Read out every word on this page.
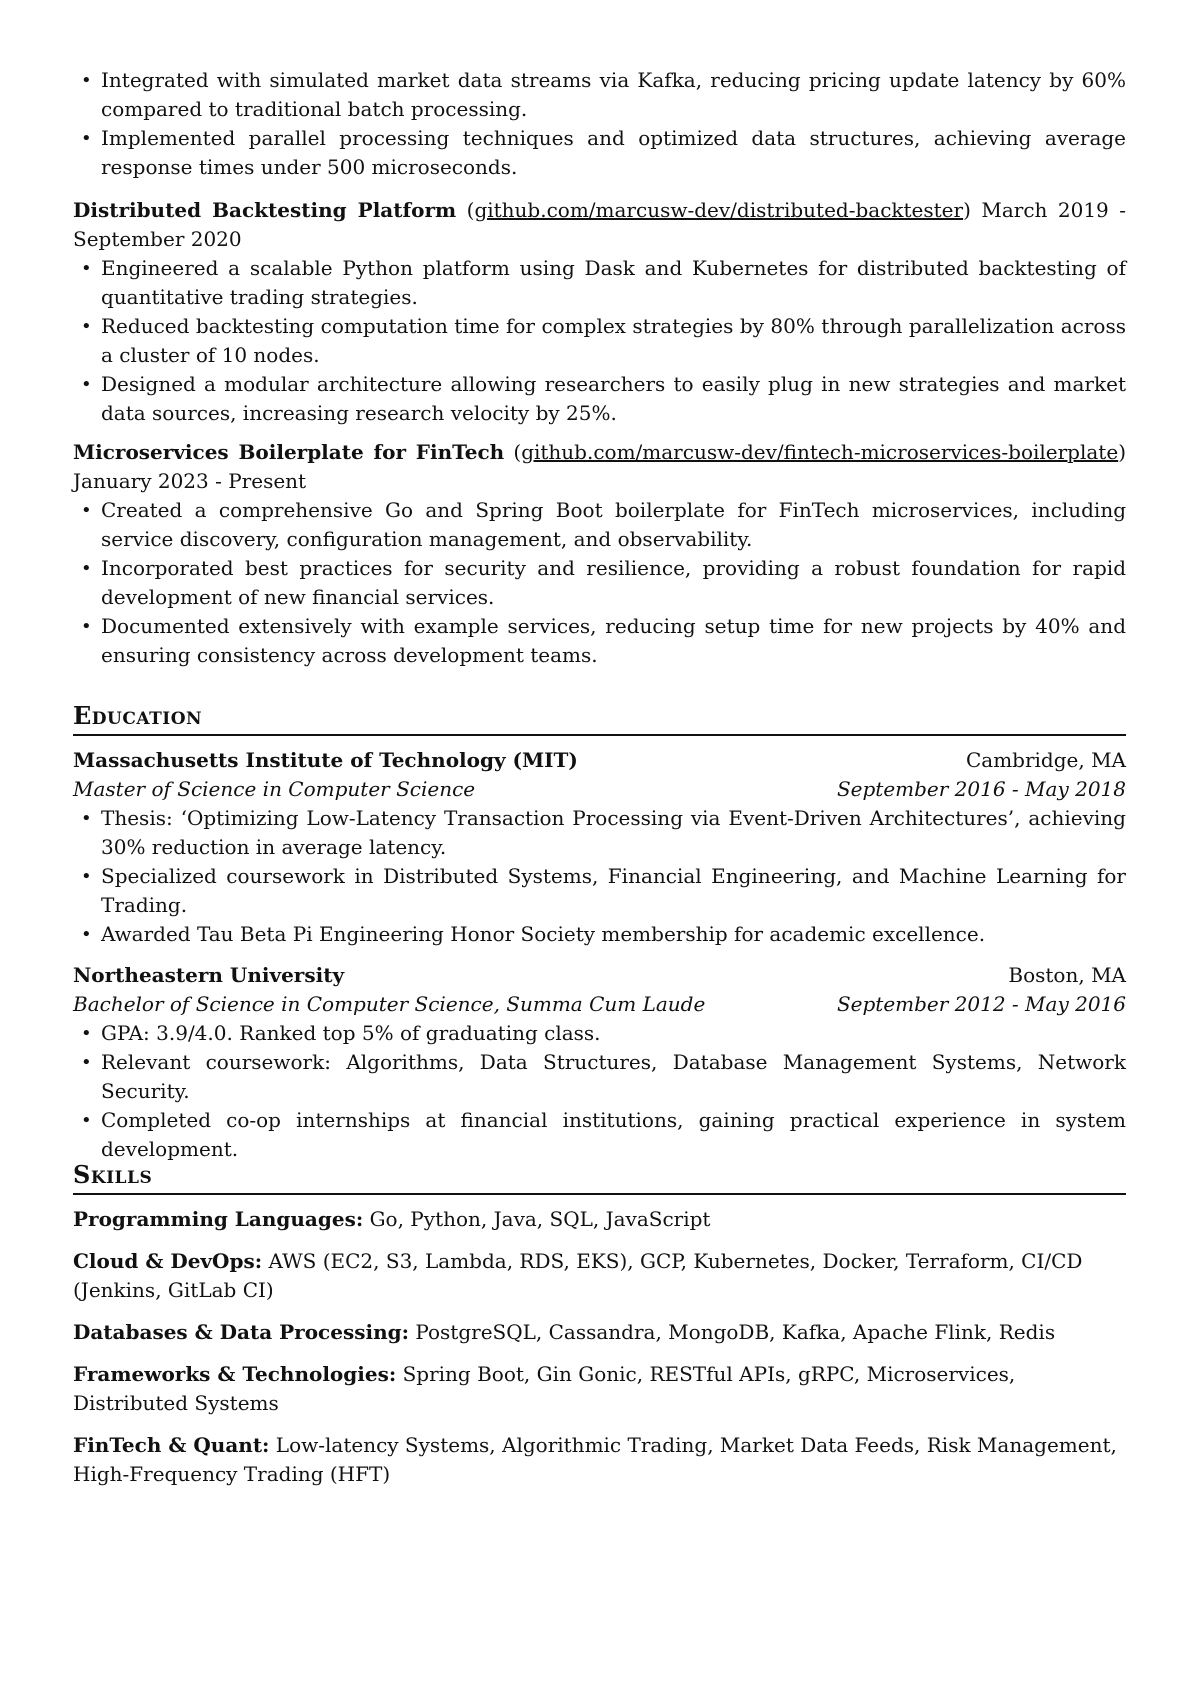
• Integrated with simulated market data streams via Kafka, reducing pricing update latency by 60% compared to traditional batch processing.
• Implemented parallel processing techniques and optimized data structures, achieving average response times under 500 microseconds.
Distributed Backtesting Platform (github.com/marcusw-dev/distributed-backtester) March 2019 - September 2020
• Engineered a scalable Python platform using Dask and Kubernetes for distributed backtesting of quantitative trading strategies.
• Reduced backtesting computation time for complex strategies by 80% through parallelization across a cluster of 10 nodes.
• Designed a modular architecture allowing researchers to easily plug in new strategies and market data sources, increasing research velocity by 25%.
Microservices Boilerplate for FinTech (github.com/marcusw-dev/fintech-microservices-boilerplate) January 2023 - Present
• Created a comprehensive Go and Spring Boot boilerplate for FinTech microservices, including service discovery, configuration management, and observability.
• Incorporated best practices for security and resilience, providing a robust foundation for rapid development of new financial services.
• Documented extensively with example services, reducing setup time for new projects by 40% and ensuring consistency across development teams.
Education
Massachusetts Institute of Technology (MIT)	Cambridge, MA
Master of Science in Computer Science	September 2016 - May 2018
• Thesis: ‘Optimizing Low-Latency Transaction Processing via Event-Driven Architectures’, achieving 30% reduction in average latency.
• Specialized coursework in Distributed Systems, Financial Engineering, and Machine Learning for Trading.
• Awarded Tau Beta Pi Engineering Honor Society membership for academic excellence.
Northeastern University	Boston, MA
Bachelor of Science in Computer Science, Summa Cum Laude	September 2012 - May 2016
• GPA: 3.9/4.0. Ranked top 5% of graduating class.
• Relevant coursework: Algorithms, Data Structures, Database Management Systems, Network Security.
• Completed co-op internships at financial institutions, gaining practical experience in system development.
Skills
Programming Languages: Go, Python, Java, SQL, JavaScript
Cloud & DevOps: AWS (EC2, S3, Lambda, RDS, EKS), GCP, Kubernetes, Docker, Terraform, CI/CD (Jenkins, GitLab CI)
Databases & Data Processing: PostgreSQL, Cassandra, MongoDB, Kafka, Apache Flink, Redis
Frameworks & Technologies: Spring Boot, Gin Gonic, RESTful APIs, gRPC, Microservices, Distributed Systems
FinTech & Quant: Low-latency Systems, Algorithmic Trading, Market Data Feeds, Risk Management, High-Frequency Trading (HFT)
